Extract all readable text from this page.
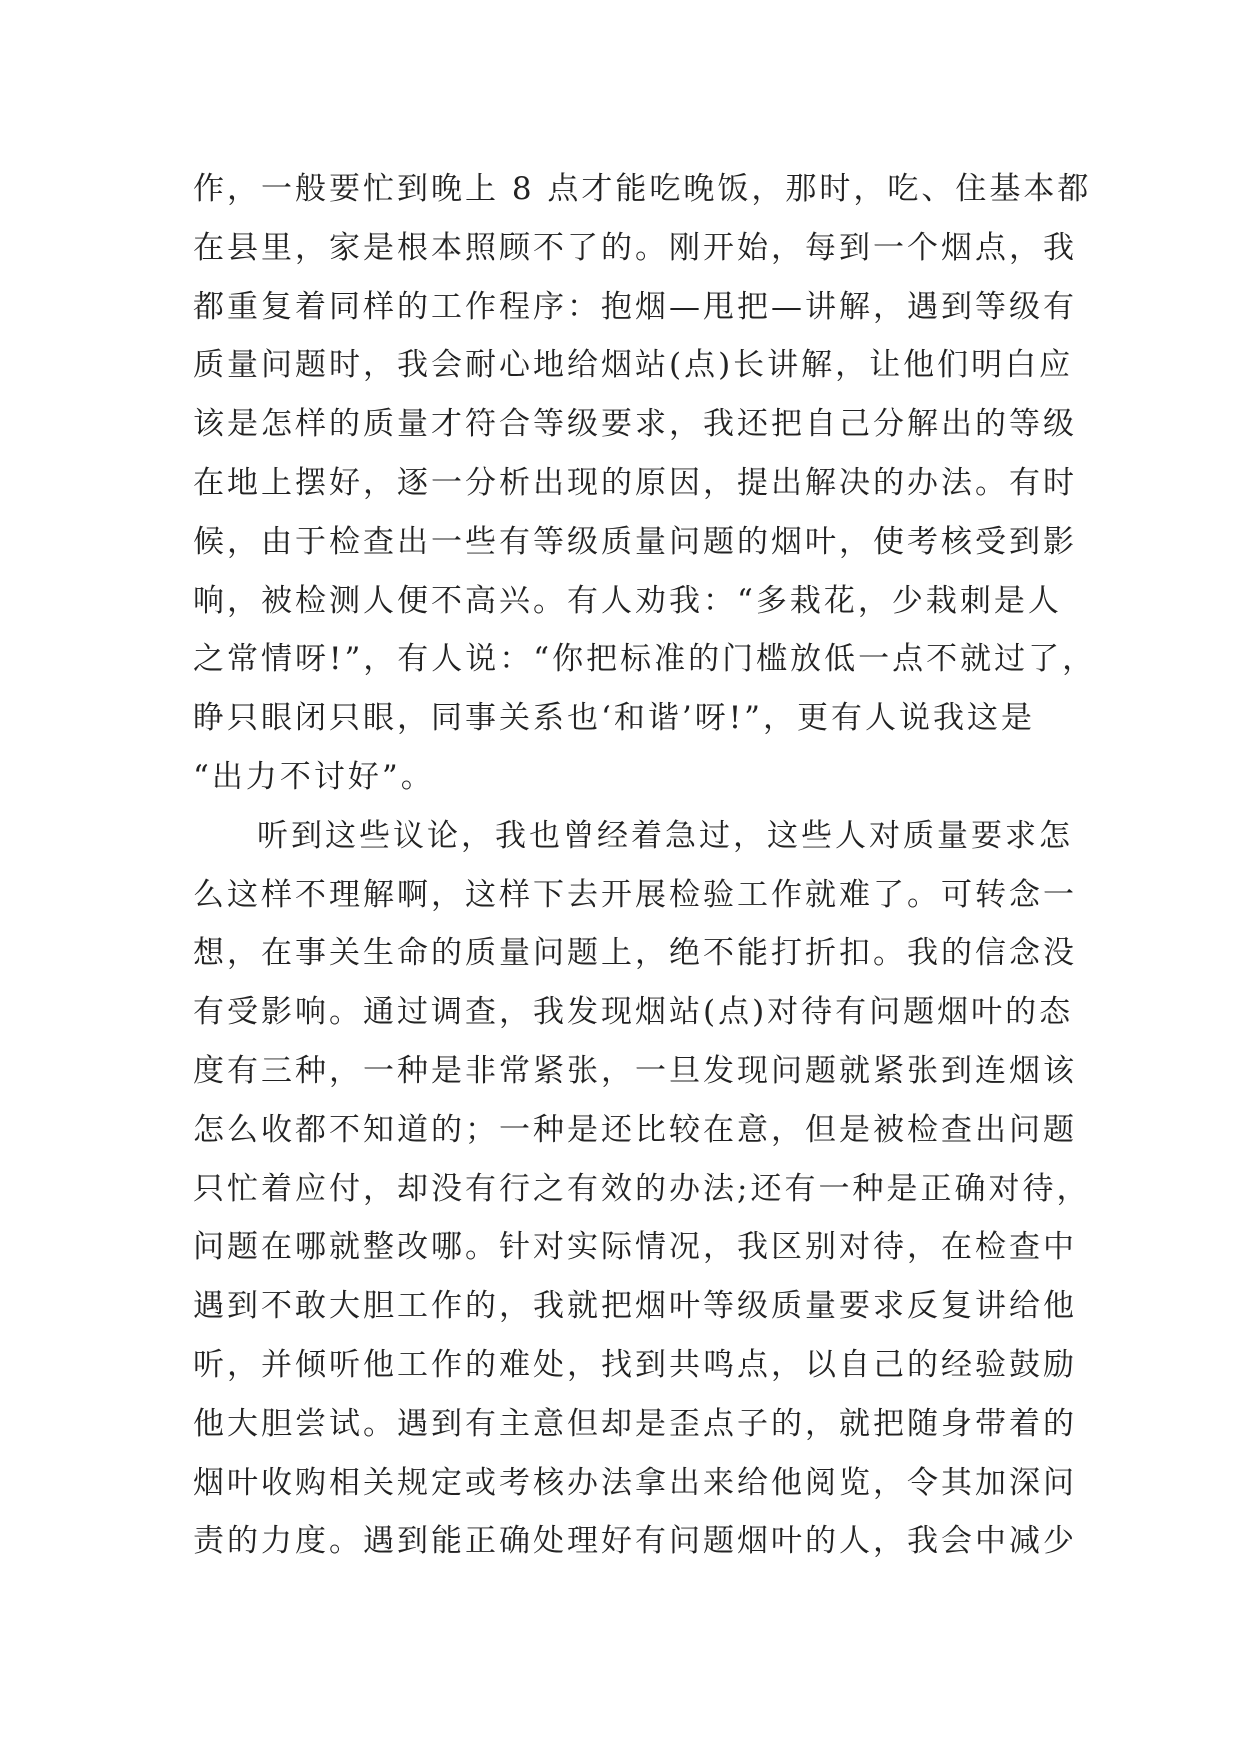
作，一般要忙到晚上 8 点才能吃晚饭，那时，吃、住基本都
在县里，家是根本照顾不了的。刚开始，每到一个烟点，我
都重复着同样的工作程序：抱烟—甩把—讲解，遇到等级有
质量问题时，我会耐心地给烟站(点)长讲解，让他们明白应
该是怎样的质量才符合等级要求，我还把自己分解出的等级
在地上摆好，逐一分析出现的原因，提出解决的办法。有时
候，由于检查出一些有等级质量问题的烟叶，使考核受到影
响，被检测人便不高兴。有人劝我：“多栽花，少栽刺是人
之常情呀!”，有人说：“你把标准的门槛放低一点不就过了，
睁只眼闭只眼，同事关系也‘和谐’呀!”，更有人说我这是
“出力不讨好”。
听到这些议论，我也曾经着急过，这些人对质量要求怎
么这样不理解啊，这样下去开展检验工作就难了。可转念一
想，在事关生命的质量问题上，绝不能打折扣。我的信念没
有受影响。通过调查，我发现烟站(点)对待有问题烟叶的态
度有三种，一种是非常紧张，一旦发现问题就紧张到连烟该
怎么收都不知道的；一种是还比较在意，但是被检查出问题
只忙着应付，却没有行之有效的办法;还有一种是正确对待，
问题在哪就整改哪。针对实际情况，我区别对待，在检查中
遇到不敢大胆工作的，我就把烟叶等级质量要求反复讲给他
听，并倾听他工作的难处，找到共鸣点，以自己的经验鼓励
他大胆尝试。遇到有主意但却是歪点子的，就把随身带着的
烟叶收购相关规定或考核办法拿出来给他阅览，令其加深问
责的力度。遇到能正确处理好有问题烟叶的人，我会中减少
